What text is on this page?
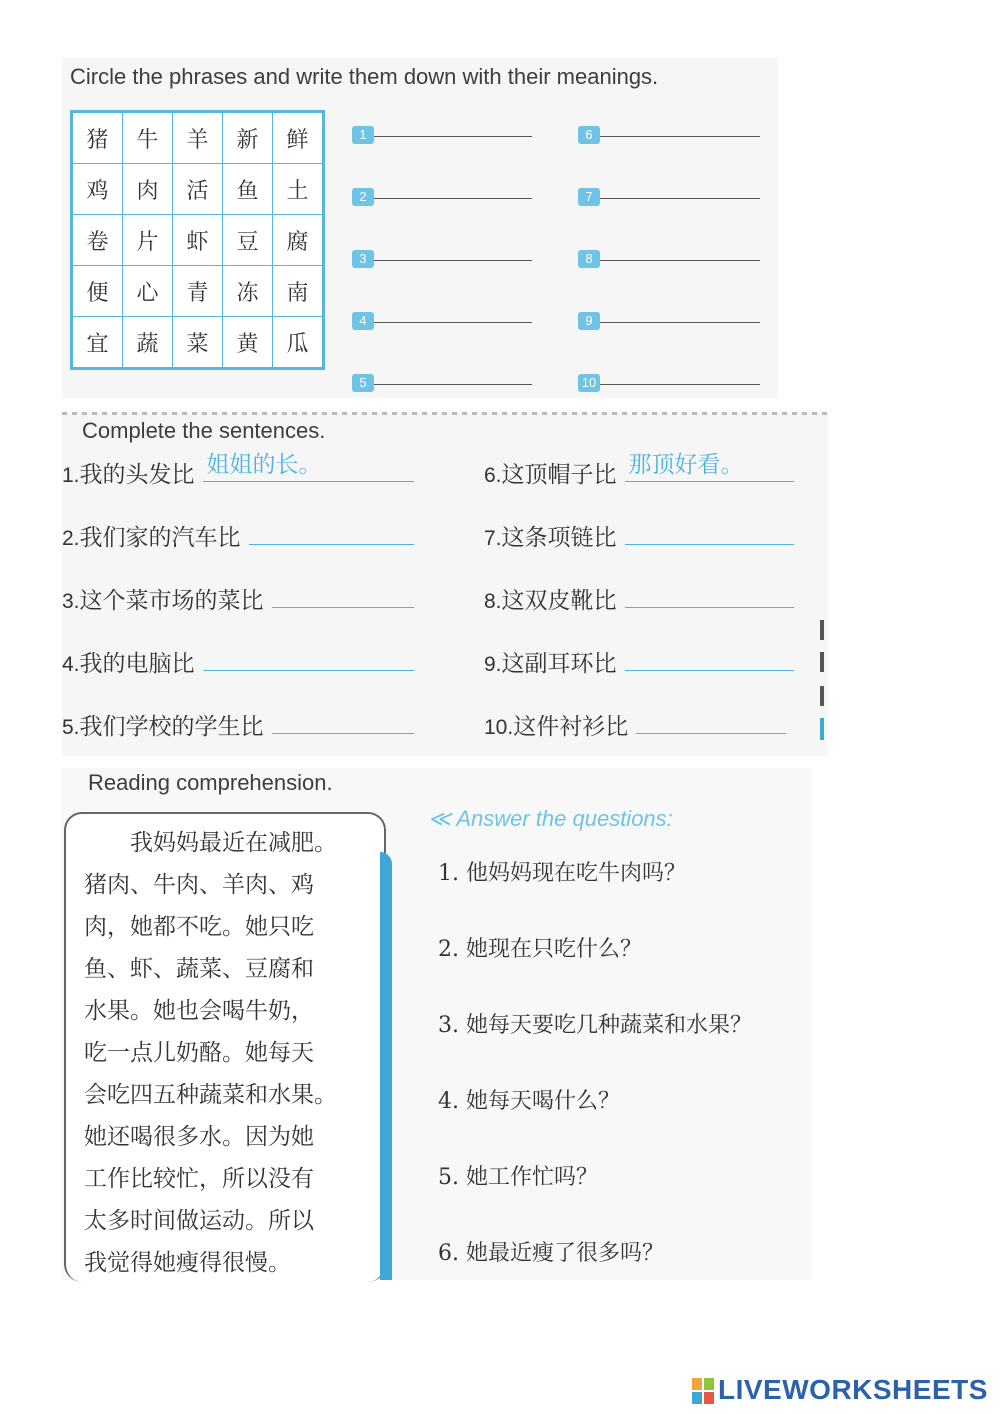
Circle the phrases and write them down with their meanings.
猪	牛	羊	新	鲜
鸡	肉	活	鱼	土
卷	片	虾	豆	腐
便	心	青	冻	南
宜	蔬	菜	黄	瓜
1
2
3
4
5
6
7
8
9
10
Complete the sentences.
1.我的头发比 姐姐的长。
2.我们家的汽车比
3.这个菜市场的菜比
4.我的电脑比
5.我们学校的学生比
6.这顶帽子比 那顶好看。
7.这条项链比
8.这双皮靴比
9.这副耳环比
10.这件衬衫比
Reading comprehension.
　　我妈妈最近在减肥。
猪肉、牛肉、羊肉、鸡
肉，她都不吃。她只吃
鱼、虾、蔬菜、豆腐和
水果。她也会喝牛奶，
吃一点儿奶酪。她每天
会吃四五种蔬菜和水果。
她还喝很多水。因为她
工作比较忙，所以没有
太多时间做运动。所以
我觉得她瘦得很慢。
≪ Answer the questions:
1. 他妈妈现在吃牛肉吗？
2. 她现在只吃什么？
3. 她每天要吃几种蔬菜和水果？
4. 她每天喝什么？
5. 她工作忙吗？
6. 她最近瘦了很多吗？
LIVEWORKSHEETS
